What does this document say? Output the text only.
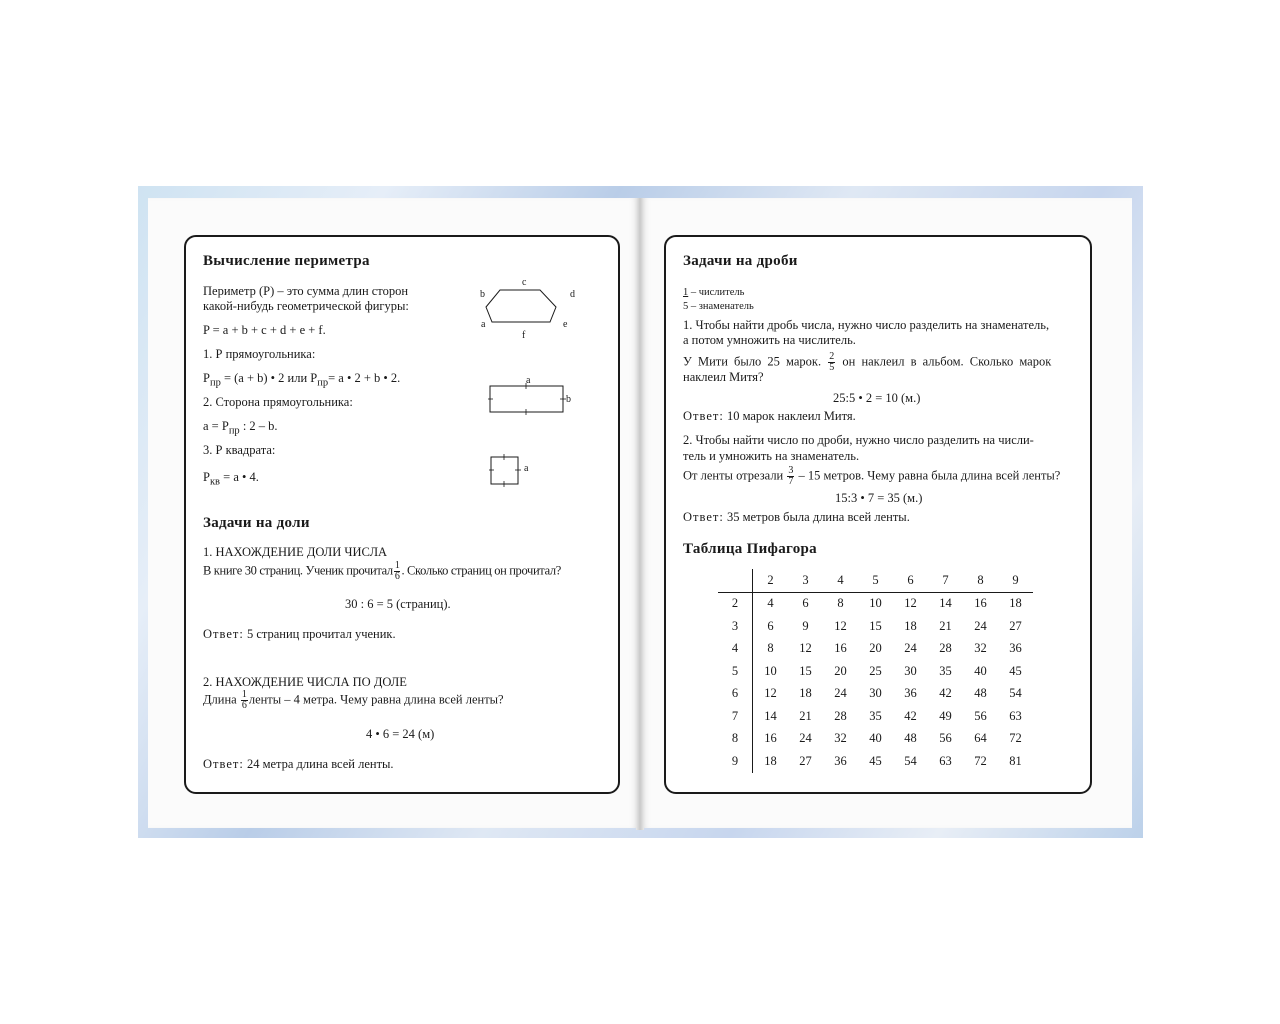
Вычисление периметра
Периметр (Р) – это сумма длин сторон
какой-нибудь геометрической фигуры:
P = a + b + c + d + e + f.
1. Р прямоугольника:
$P_{пр} = (a + b)$ • 2 или $P_{пр}= a$ • 2 + b • 2.
2. Сторона прямоугольника:
$a = P_{пр}$ : 2 – b.
3. Р квадрата:
$P_{кв} = a$ • 4.
c
b	d
a	e
f
a
b
a
Задачи на доли
1. НАХОЖДЕНИЕ ДОЛИ ЧИСЛА
В книге 30 страниц. Ученик прочитал $\frac{1}{6}$ . Сколько страниц он прочитал?
30 : 6 = 5 (страниц).
Ответ: 5 страниц прочитал ученик.
2. НАХОЖДЕНИЕ ЧИСЛА ПО ДОЛЕ
Длина $\frac{1}{6}$ ленты – 4 метра. Чему равна длина всей ленты?
4 • 6 = 24 (м)
Ответ: 24 метра длина всей ленты.
Задачи на дроби
1 – числитель
5 – знаменатель
1. Чтобы найти дробь числа, нужно число разделить на знаменатель,
а потом умножить на числитель.
У Мити было 25 марок. $\frac{2}{5}$ он наклеил в альбом. Сколько марок
наклеил Митя?
25:5 • 2 = 10 (м.)
Ответ: 10 марок наклеил Митя.
2. Чтобы найти число по дроби, нужно число разделить на числи-
тель и умножить на знаменатель.
От ленты отрезали $\frac{3}{7} - 15$ метров. Чему равна была длина всей ленты?
15:3 • 7 = 35 (м.)
Ответ: 35 метров была длина всей ленты.
Таблица Пифагора
	2	3	4	5	6	7	8	9
2	4	6	8	10	12	14	16	18
3	6	9	12	15	18	21	24	27
4	8	12	16	20	24	28	32	36
5	10	15	20	25	30	35	40	45
6	12	18	24	30	36	42	48	54
7	14	21	28	35	42	49	56	63
8	16	24	32	40	48	56	64	72
9	18	27	36	45	54	63	72	81
